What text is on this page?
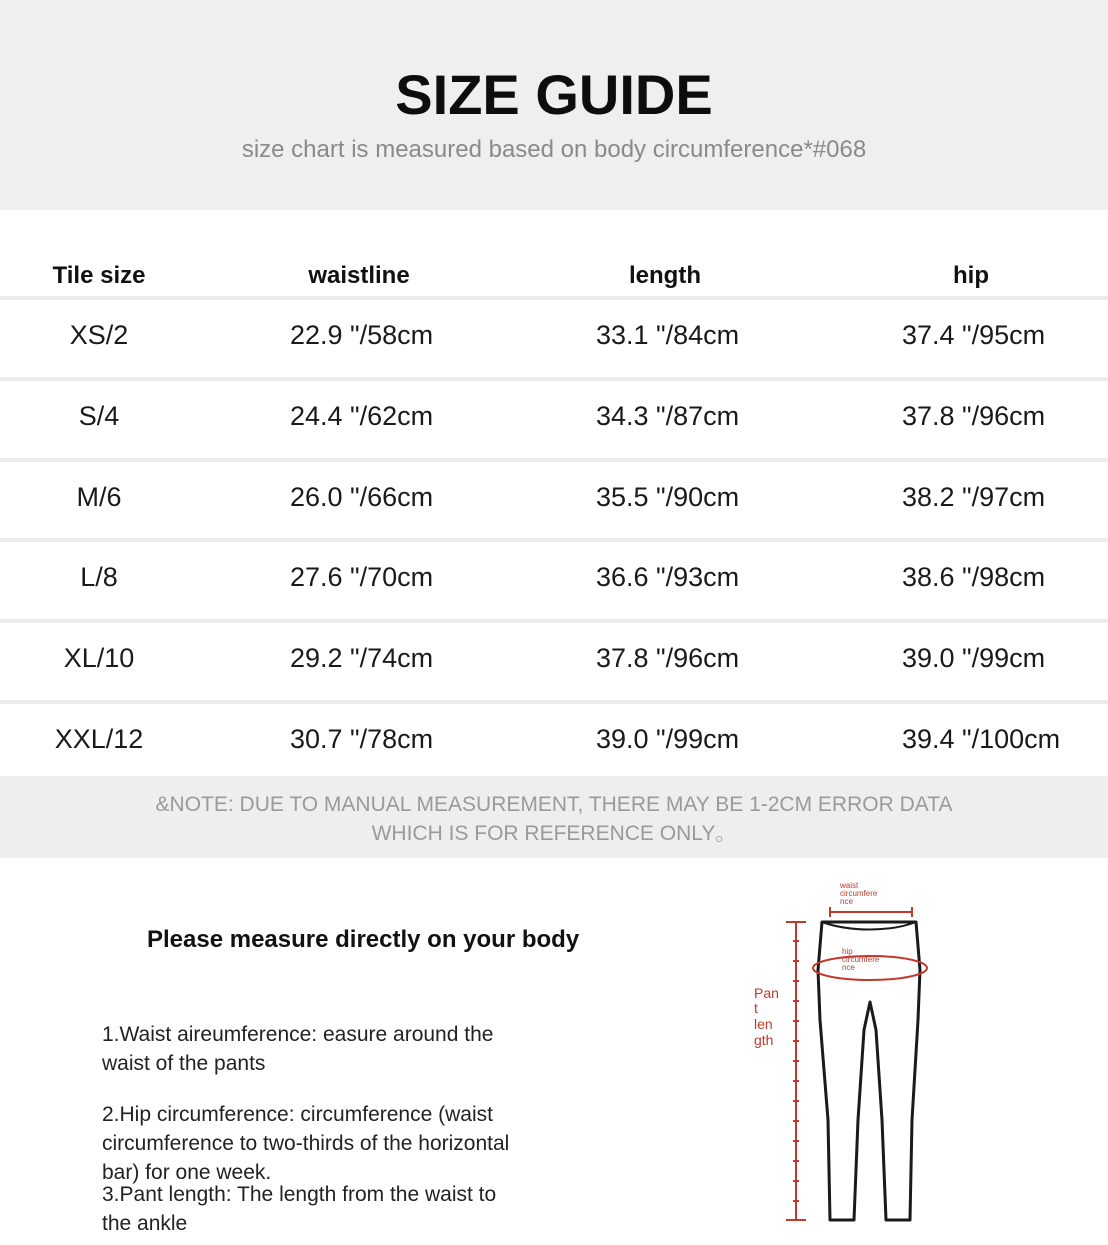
SIZE GUIDE
size chart is measured based on body circumference*#068
Tile size	waistline	length	hip
XS/2	22.9 "/58cm	33.1 "/84cm	37.4 "/95cm
S/4	24.4 "/62cm	34.3 "/87cm	37.8 "/96cm
M/6	26.0 "/66cm	35.5 "/90cm	38.2 "/97cm
L/8	27.6 "/70cm	36.6 "/93cm	38.6 "/98cm
XL/10	29.2 "/74cm	37.8 "/96cm	39.0 "/99cm
XXL/12	30.7 "/78cm	39.0 "/99cm	39.4 "/100cm
&NOTE: DUE TO MANUAL MEASUREMENT, THERE MAY BE 1-2CM ERROR DATA
WHICH IS FOR REFERENCE ONLY。
Please measure directly on your body
1.Waist aireumference: easure around the
waist of the pants
2.Hip circumference: circumference (waist
circumference to two-thirds of the horizontal
bar) for one week.
3.Pant length: The length from the waist to
the ankle
waist
circumfere
nce
hip
circumfere
nce
Pan
t
len
gth
